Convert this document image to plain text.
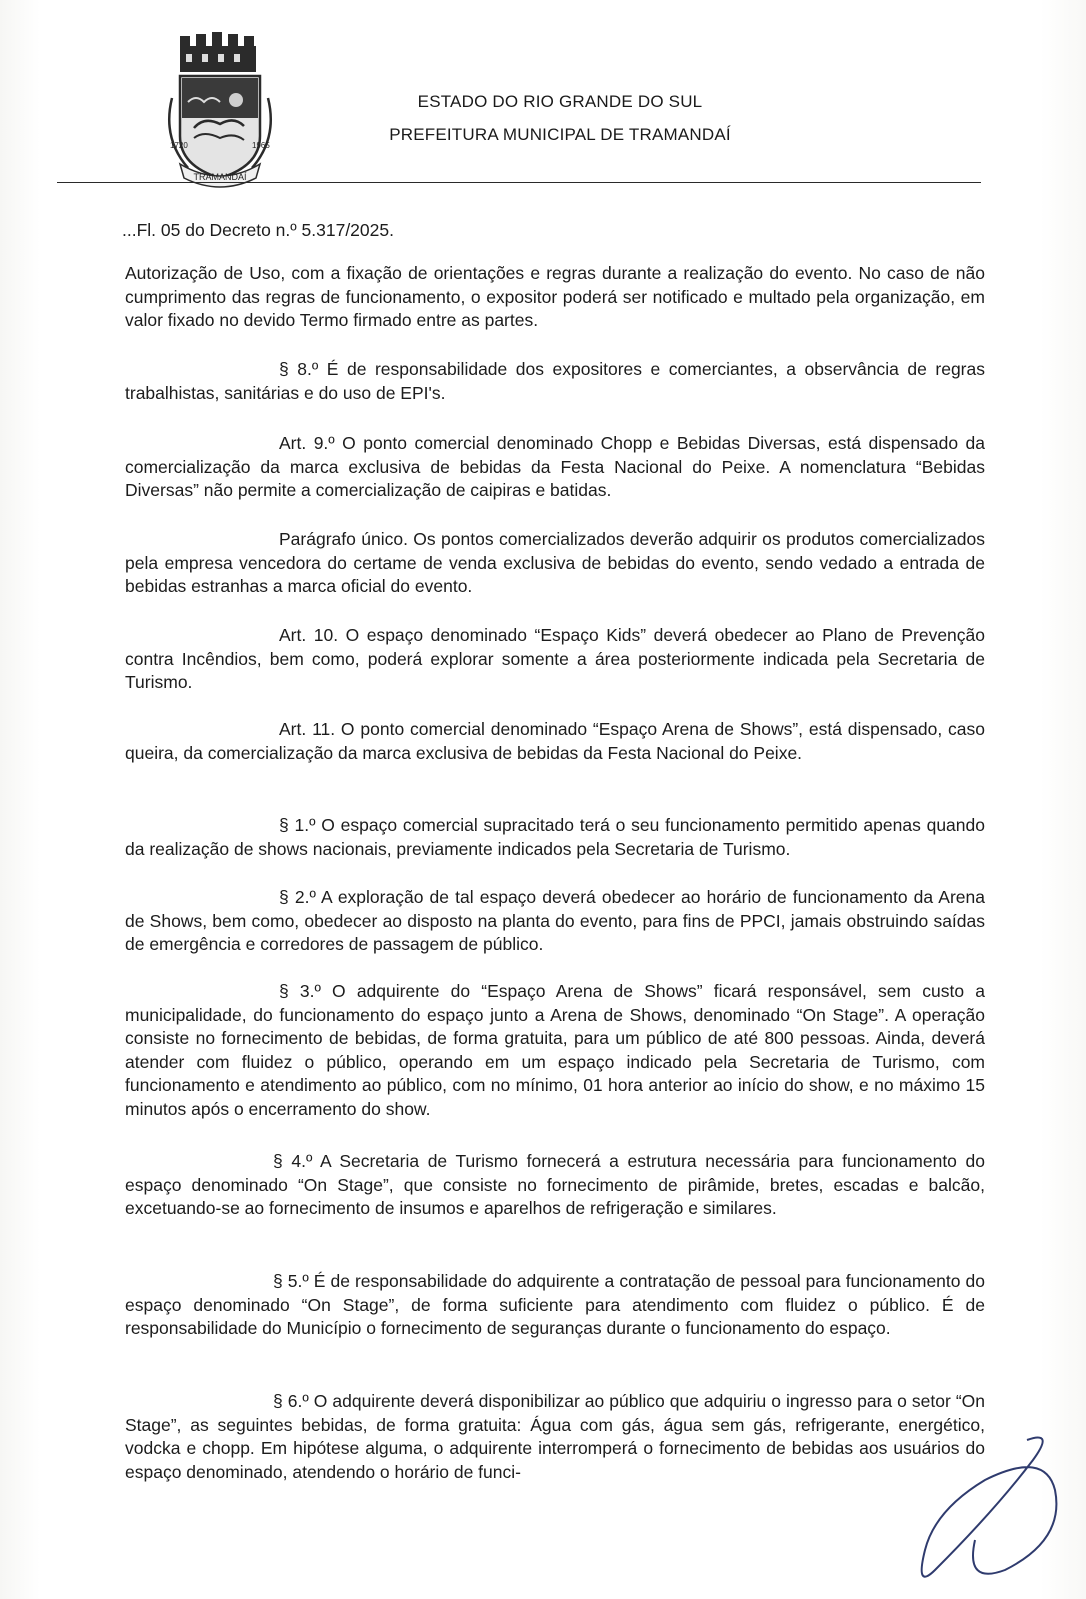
TRAMANDAÍ
1720	1965
ESTADO DO RIO GRANDE DO SUL
PREFEITURA MUNICIPAL DE TRAMANDAÍ
...Fl. 05 do Decreto n.º 5.317/2025.

Autorização de Uso, com a fixação de orientações e regras durante a realização do evento. No caso de não cumprimento das regras de funcionamento, o expositor poderá ser notificado e multado pela organização, em valor fixado no devido Termo firmado entre as partes.

§ 8.º É de responsabilidade dos expositores e comerciantes, a observância de regras trabalhistas, sanitárias e do uso de EPI's.

Art. 9.º O ponto comercial denominado Chopp e Bebidas Diversas, está dispensado da comercialização da marca exclusiva de bebidas da Festa Nacional do Peixe. A nomenclatura “Bebidas Diversas” não permite a comercialização de caipiras e batidas.

Parágrafo único. Os pontos comercializados deverão adquirir os produtos comercializados pela empresa vencedora do certame de venda exclusiva de bebidas do evento, sendo vedado a entrada de bebidas estranhas a marca oficial do evento.

Art. 10. O espaço denominado “Espaço Kids” deverá obedecer ao Plano de Prevenção contra Incêndios, bem como, poderá explorar somente a área posteriormente indicada pela Secretaria de Turismo.

Art. 11. O ponto comercial denominado “Espaço Arena de Shows”, está dispensado, caso queira, da comercialização da marca exclusiva de bebidas da Festa Nacional do Peixe.

§ 1.º O espaço comercial supracitado terá o seu funcionamento permitido apenas quando da realização de shows nacionais, previamente indicados pela Secretaria de Turismo.

§ 2.º A exploração de tal espaço deverá obedecer ao horário de funcionamento da Arena de Shows, bem como, obedecer ao disposto na planta do evento, para fins de PPCI, jamais obstruindo saídas de emergência e corredores de passagem de público.

§ 3.º O adquirente do “Espaço Arena de Shows” ficará responsável, sem custo a municipalidade, do funcionamento do espaço junto a Arena de Shows, denominado “On Stage”. A operação consiste no fornecimento de bebidas, de forma gratuita, para um público de até 800 pessoas. Ainda, deverá atender com fluidez o público, operando em um espaço indicado pela Secretaria de Turismo, com funcionamento e atendimento ao público, com no mínimo, 01 hora anterior ao início do show, e no máximo 15 minutos após o encerramento do show.

§ 4.º A Secretaria de Turismo fornecerá a estrutura necessária para funcionamento do espaço denominado “On Stage”, que consiste no fornecimento de pirâmide, bretes, escadas e balcão, excetuando-se ao fornecimento de insumos e aparelhos de refrigeração e similares.

§ 5.º É de responsabilidade do adquirente a contratação de pessoal para funcionamento do espaço denominado “On Stage”, de forma suficiente para atendimento com fluidez o público. É de responsabilidade do Município o fornecimento de seguranças durante o funcionamento do espaço.

§ 6.º O adquirente deverá disponibilizar ao público que adquiriu o ingresso para o setor “On Stage”, as seguintes bebidas, de forma gratuita: Água com gás, água sem gás, refrigerante, energético, vodcka e chopp. Em hipótese alguma, o adquirente interromperá o fornecimento de bebidas aos usuários do espaço denominado, atendendo o horário de funci-
